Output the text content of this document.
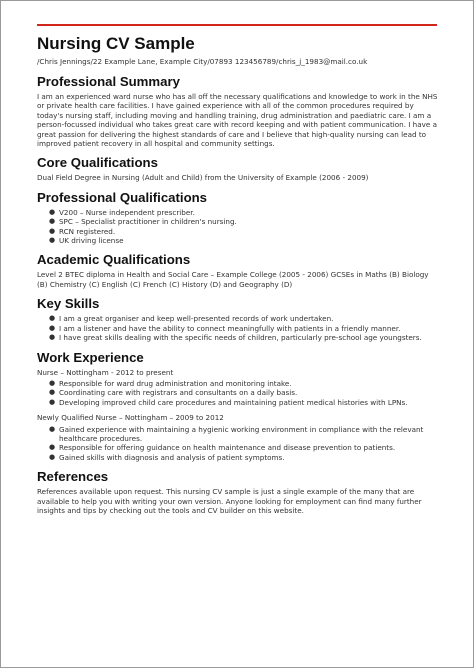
Nursing CV Sample

/Chris Jennings/22 Example Lane, Example City/07893 123456789/chris_j_1983@mail.co.uk

Professional Summary

I am an experienced ward nurse who has all off the necessary qualifications and knowledge to work in the NHS or private health care facilities. I have gained experience with all of the common procedures required by today's nursing staff, including moving and handling training, drug administration and paediatric care. I am a person-focussed individual who takes great care with record keeping and with patient communication. I have a great passion for delivering the highest standards of care and I believe that high-quality nursing can lead to improved patient recovery in all hospital and community settings.

Core Qualifications

Dual Field Degree in Nursing (Adult and Child) from the University of Example (2006 - 2009)

Professional Qualifications
● V200 – Nurse independent prescriber.
● SPC – Specialist practitioner in children's nursing.
● RCN registered.
● UK driving license
Academic Qualifications

Level 2 BTEC diploma in Health and Social Care – Example College (2005 - 2006) GCSEs in Maths (B) Biology (B) Chemistry (C) English (C) French (C) History (D) and Geography (D)

Key Skills
● I am a great organiser and keep well-presented records of work undertaken.
● I am a listener and have the ability to connect meaningfully with patients in a friendly manner.
● I have great skills dealing with the specific needs of children, particularly pre-school age youngsters.
Work Experience

Nurse – Nottingham - 2012 to present

● Responsible for ward drug administration and monitoring intake.
● Coordinating care with registrars and consultants on a daily basis.
● Developing improved child care procedures and maintaining patient medical histories with LPNs.

Newly Qualified Nurse – Nottingham – 2009 to 2012

● Gained experience with maintaining a hygienic working environment in compliance with the relevant healthcare procedures.
● Responsible for offering guidance on health maintenance and disease prevention to patients.
● Gained skills with diagnosis and analysis of patient symptoms.
References

References available upon request. This nursing CV sample is just a single example of the many that are available to help you with writing your own version. Anyone looking for employment can find many further insights and tips by checking out the tools and CV builder on this website.
